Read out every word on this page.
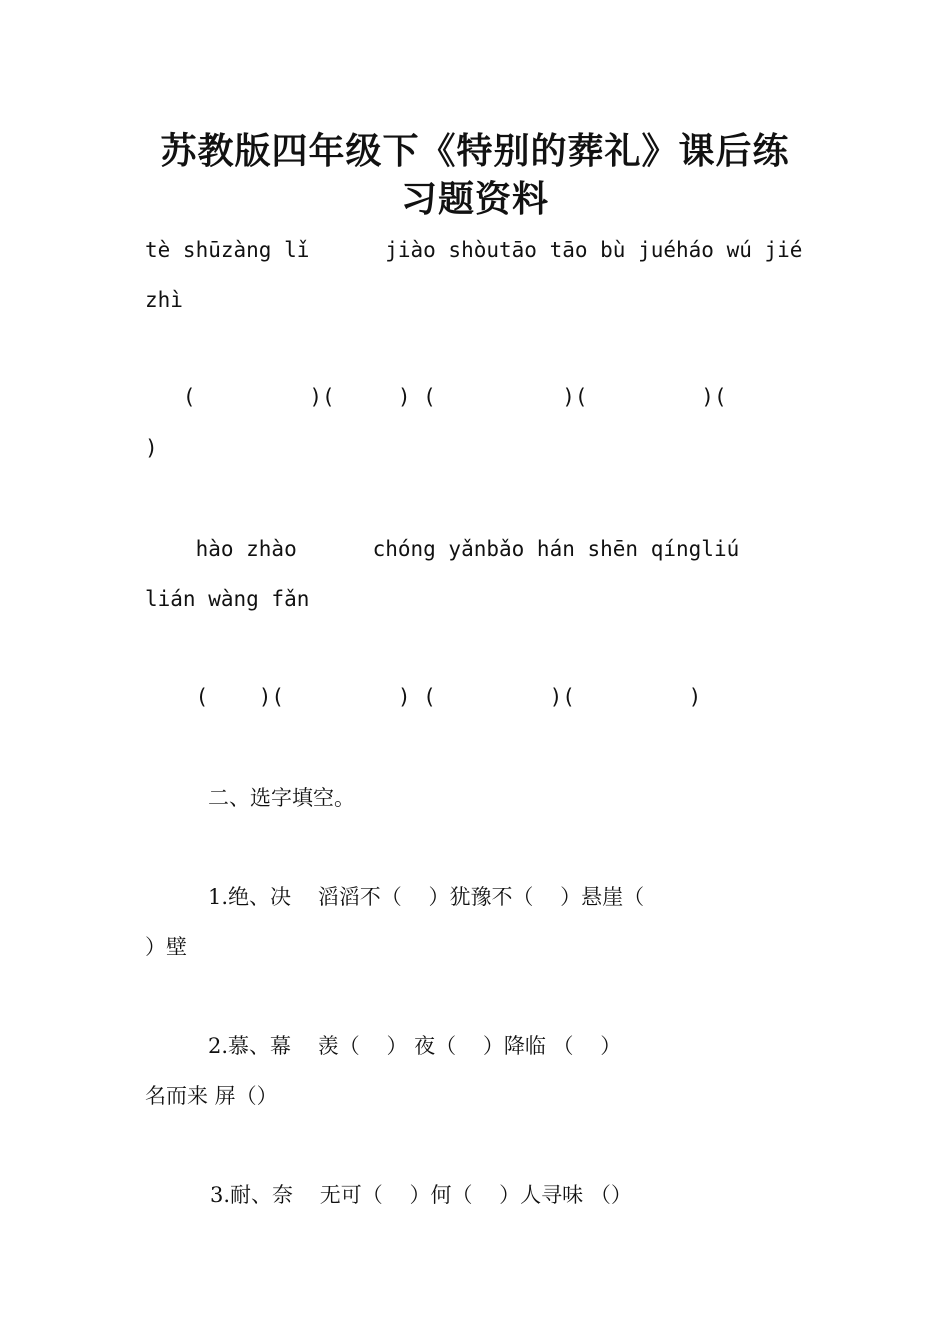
苏教版四年级下《特别的葬礼》课后练
习题资料
tè shūzàng lǐ      jiào shòutāo tāo bù juéháo wú jié
zhì
(         )(     ) (          )(         )(
)
hào zhào      chóng yǎnbǎo hán shēn qíngliú
lián wàng fǎn
(    )(         ) (         )(         )
二、选字填空。
1.绝、决    滔滔不（    ）犹豫不（    ）悬崖（
）壁
2.慕、幕    羡（    ） 夜（    ）降临 （    ）
名而来 屏（）
3.耐、奈    无可（    ）何（    ）人寻味 （）
